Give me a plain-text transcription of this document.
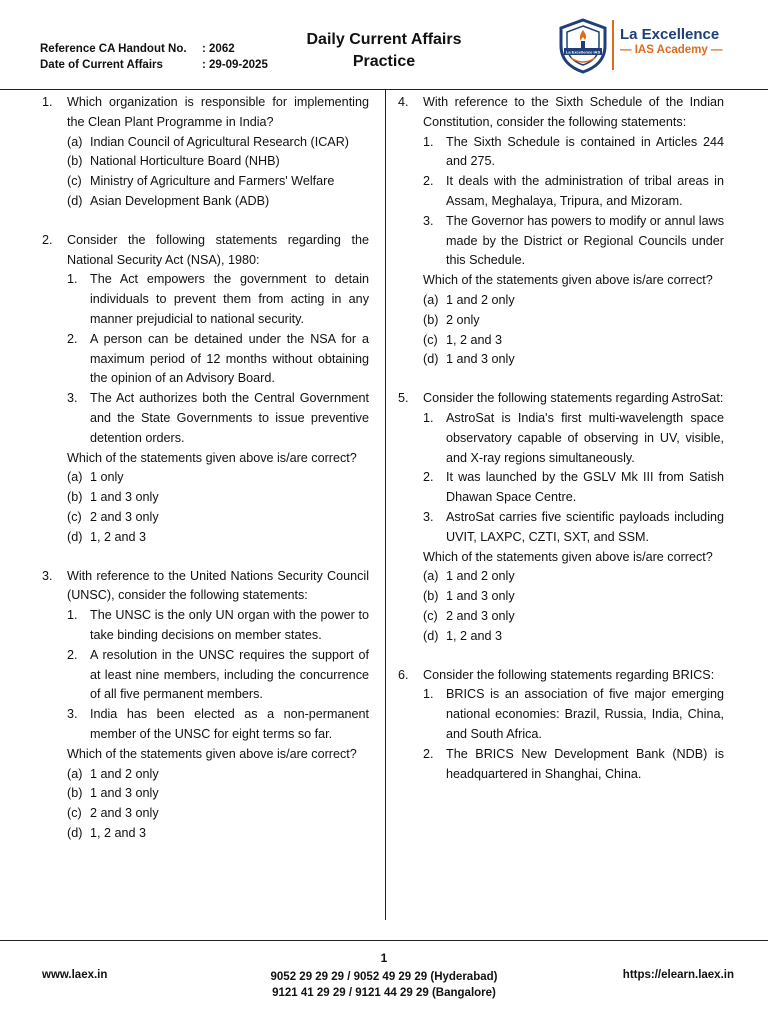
Reference CA Handout No.	: 2062
Date of Current Affairs	: 29-09-2025
Daily Current Affairs
Practice
La Excellence IAS
La Excellence
— IAS Academy —
1.	Which organization is responsible for implementing the Clean Plant Programme in India?
(a) Indian Council of Agricultural Research (ICAR)
(b) National Horticulture Board (NHB)
(c) Ministry of Agriculture and Farmers' Welfare
(d) Asian Development Bank (ADB)
2.	Consider the following statements regarding the National Security Act (NSA), 1980:
1. The Act empowers the government to detain individuals to prevent them from acting in any manner prejudicial to national security.
2. A person can be detained under the NSA for a maximum period of 12 months without obtaining the opinion of an Advisory Board.
3. The Act authorizes both the Central Government and the State Governments to issue preventive detention orders.
Which of the statements given above is/are correct?
(a) 1 only
(b) 1 and 3 only
(c) 2 and 3 only
(d) 1, 2 and 3
3.	With reference to the United Nations Security Council (UNSC), consider the following statements:
1. The UNSC is the only UN organ with the power to take binding decisions on member states.
2. A resolution in the UNSC requires the support of at least nine members, including the concurrence of all five permanent members.
3. India has been elected as a non-permanent member of the UNSC for eight terms so far.
Which of the statements given above is/are correct?
(a) 1 and 2 only
(b) 1 and 3 only
(c) 2 and 3 only
(d) 1, 2 and 3
4.	With reference to the Sixth Schedule of the Indian Constitution, consider the following statements:
1. The Sixth Schedule is contained in Articles 244 and 275.
2. It deals with the administration of tribal areas in Assam, Meghalaya, Tripura, and Mizoram.
3. The Governor has powers to modify or annul laws made by the District or Regional Councils under this Schedule.
Which of the statements given above is/are correct?
(a) 1 and 2 only
(b) 2 only
(c) 1, 2 and 3
(d) 1 and 3 only
5.	Consider the following statements regarding AstroSat:
1. AstroSat is India's first multi-wavelength space observatory capable of observing in UV, visible, and X-ray regions simultaneously.
2. It was launched by the GSLV Mk III from Satish Dhawan Space Centre.
3. AstroSat carries five scientific payloads including UVIT, LAXPC, CZTI, SXT, and SSM.
Which of the statements given above is/are correct?
(a) 1 and 2 only
(b) 1 and 3 only
(c) 2 and 3 only
(d) 1, 2 and 3
6.	Consider the following statements regarding BRICS:
1. BRICS is an association of five major emerging national economies: Brazil, Russia, India, China, and South Africa.
2. The BRICS New Development Bank (NDB) is headquartered in Shanghai, China.
1
www.laex.in	9052 29 29 29 / 9052 49 29 29 (Hyderabad)
9121 41 29 29 / 9121 44 29 29 (Bangalore)
https://elearn.laex.in
